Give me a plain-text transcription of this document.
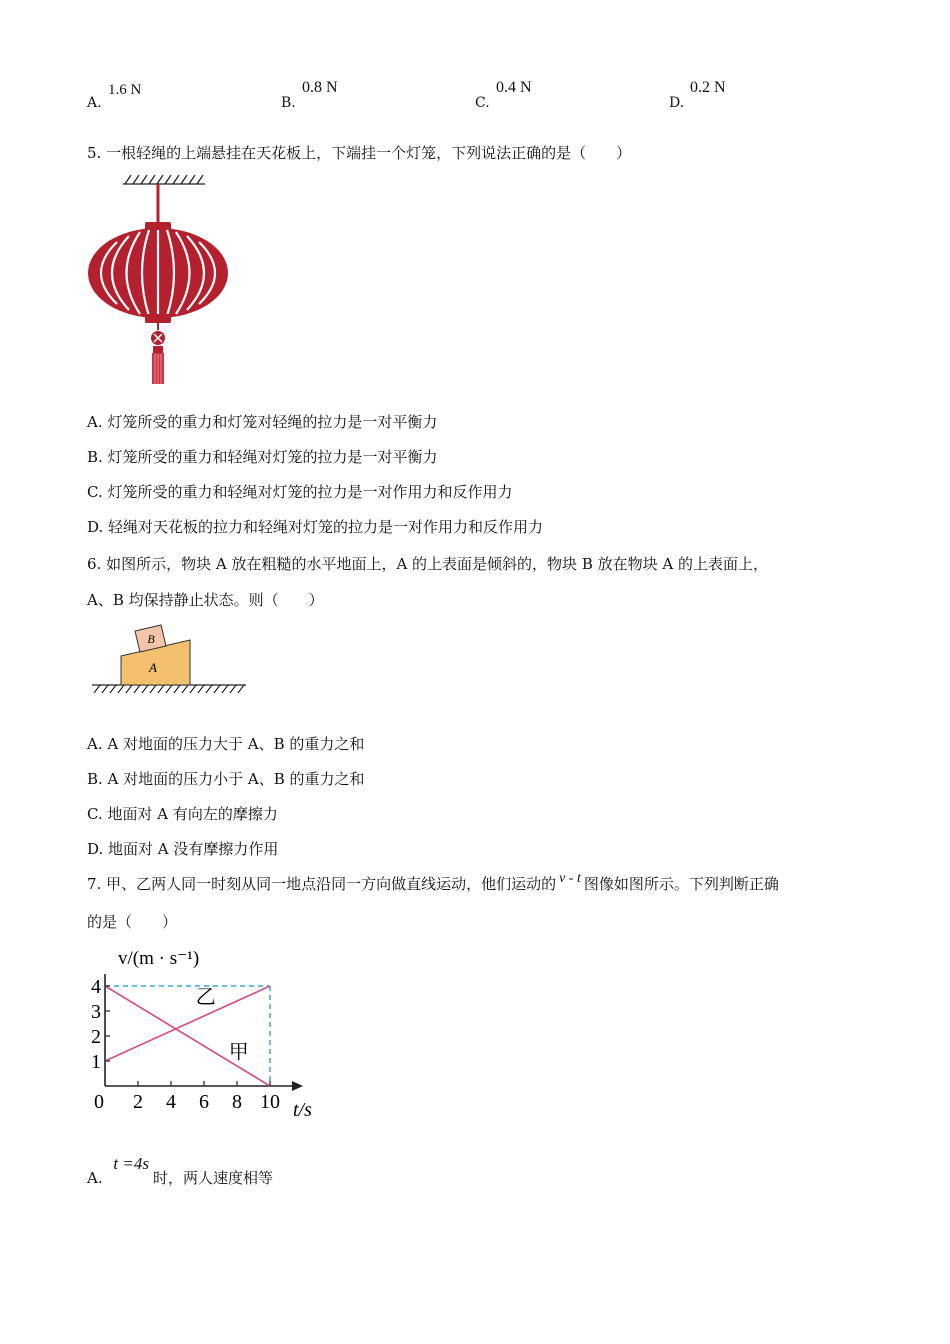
A.
1.6 N
B.
0.8 N
C.
0.4 N
D.
0.2 N
5. 一根轻绳的上端悬挂在天花板上，下端挂一个灯笼，下列说法正确的是（　　）
A. 灯笼所受的重力和灯笼对轻绳的拉力是一对平衡力
B. 灯笼所受的重力和轻绳对灯笼的拉力是一对平衡力
C. 灯笼所受的重力和轻绳对灯笼的拉力是一对作用力和反作用力
D. 轻绳对天花板的拉力和轻绳对灯笼的拉力是一对作用力和反作用力
6. 如图所示，物块 A 放在粗糙的水平地面上，A 的上表面是倾斜的，物块 B 放在物块 A 的上表面上，
A、B 均保持静止状态。则（　　）
A
B
A. A 对地面的压力大于 A、B 的重力之和
B. A 对地面的压力小于 A、B 的重力之和
C. 地面对 A 有向左的摩擦力
D. 地面对 A 没有摩擦力作用
7. 甲、乙两人同一时刻从同一地点沿同一方向做直线运动，他们运动的 v - t 图像如图所示。下列判断正确
的是（　　）
v/(m · s⁻¹)
t/s
甲
乙
0 2 4 6 8 10
1
2
3
4
A. t =4s时，两人速度相等
